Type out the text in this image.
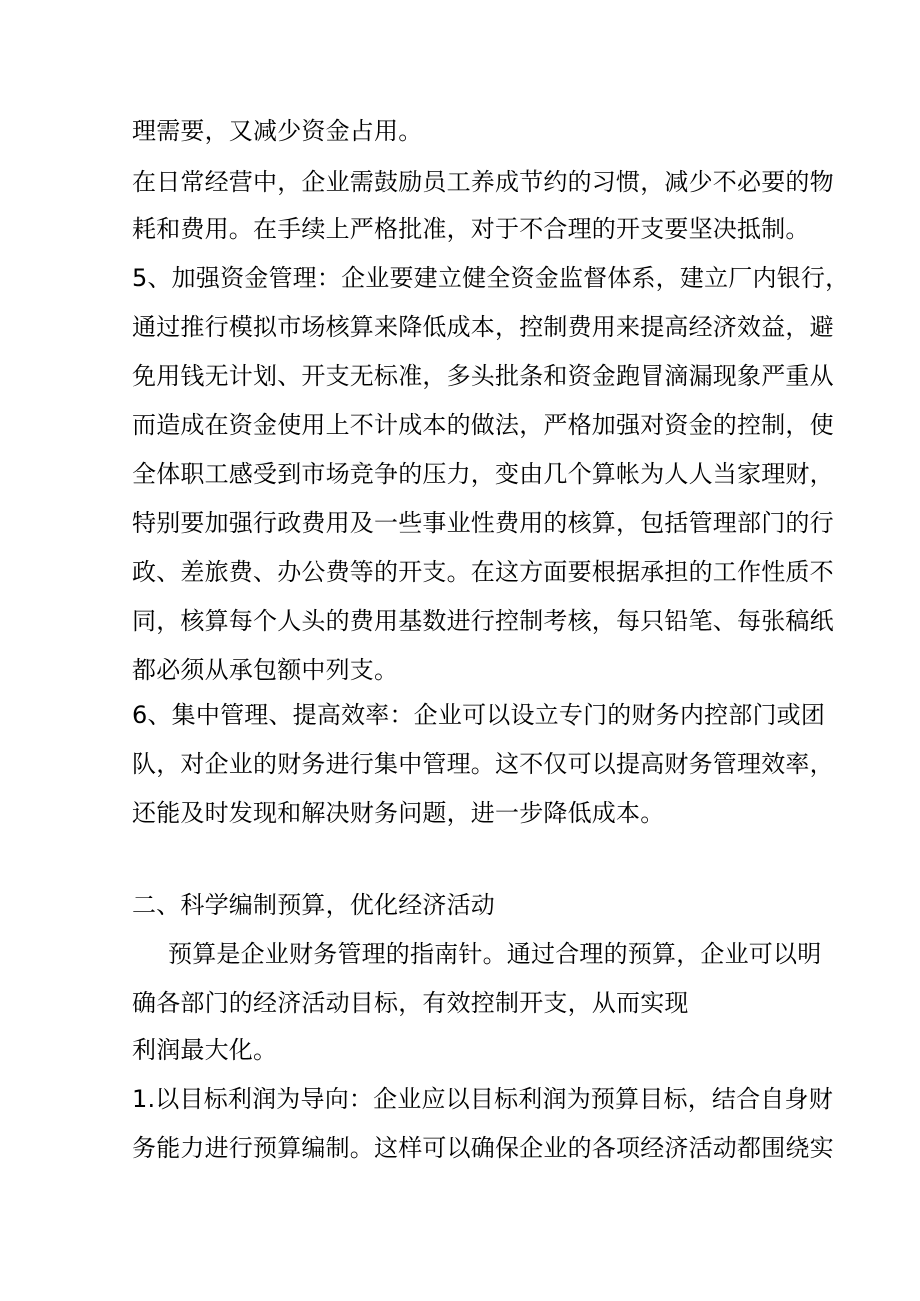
理需要，又减少资金占用。
在日常经营中，企业需鼓励员工养成节约的习惯，减少不必要的物
耗和费用。在手续上严格批准，对于不合理的开支要坚决抵制。
5、加强资金管理：企业要建立健全资金监督体系，建立厂内银行，
通过推行模拟市场核算来降低成本，控制费用来提高经济效益，避
免用钱无计划、开支无标准，多头批条和资金跑冒滴漏现象严重从
而造成在资金使用上不计成本的做法，严格加强对资金的控制，使
全体职工感受到市场竞争的压力，变由几个算帐为人人当家理财，
特别要加强行政费用及一些事业性费用的核算，包括管理部门的行
政、差旅费、办公费等的开支。在这方面要根据承担的工作性质不
同，核算每个人头的费用基数进行控制考核，每只铅笔、每张稿纸
都必须从承包额中列支。
6、集中管理、提高效率：企业可以设立专门的财务内控部门或团
队，对企业的财务进行集中管理。这不仅可以提高财务管理效率，
还能及时发现和解决财务问题，进一步降低成本。
二、科学编制预算，优化经济活动
预算是企业财务管理的指南针。通过合理的预算，企业可以明
确各部门的经济活动目标，有效控制开支，从而实现
利润最大化。
1.以目标利润为导向：企业应以目标利润为预算目标，结合自身财
务能力进行预算编制。这样可以确保企业的各项经济活动都围绕实
